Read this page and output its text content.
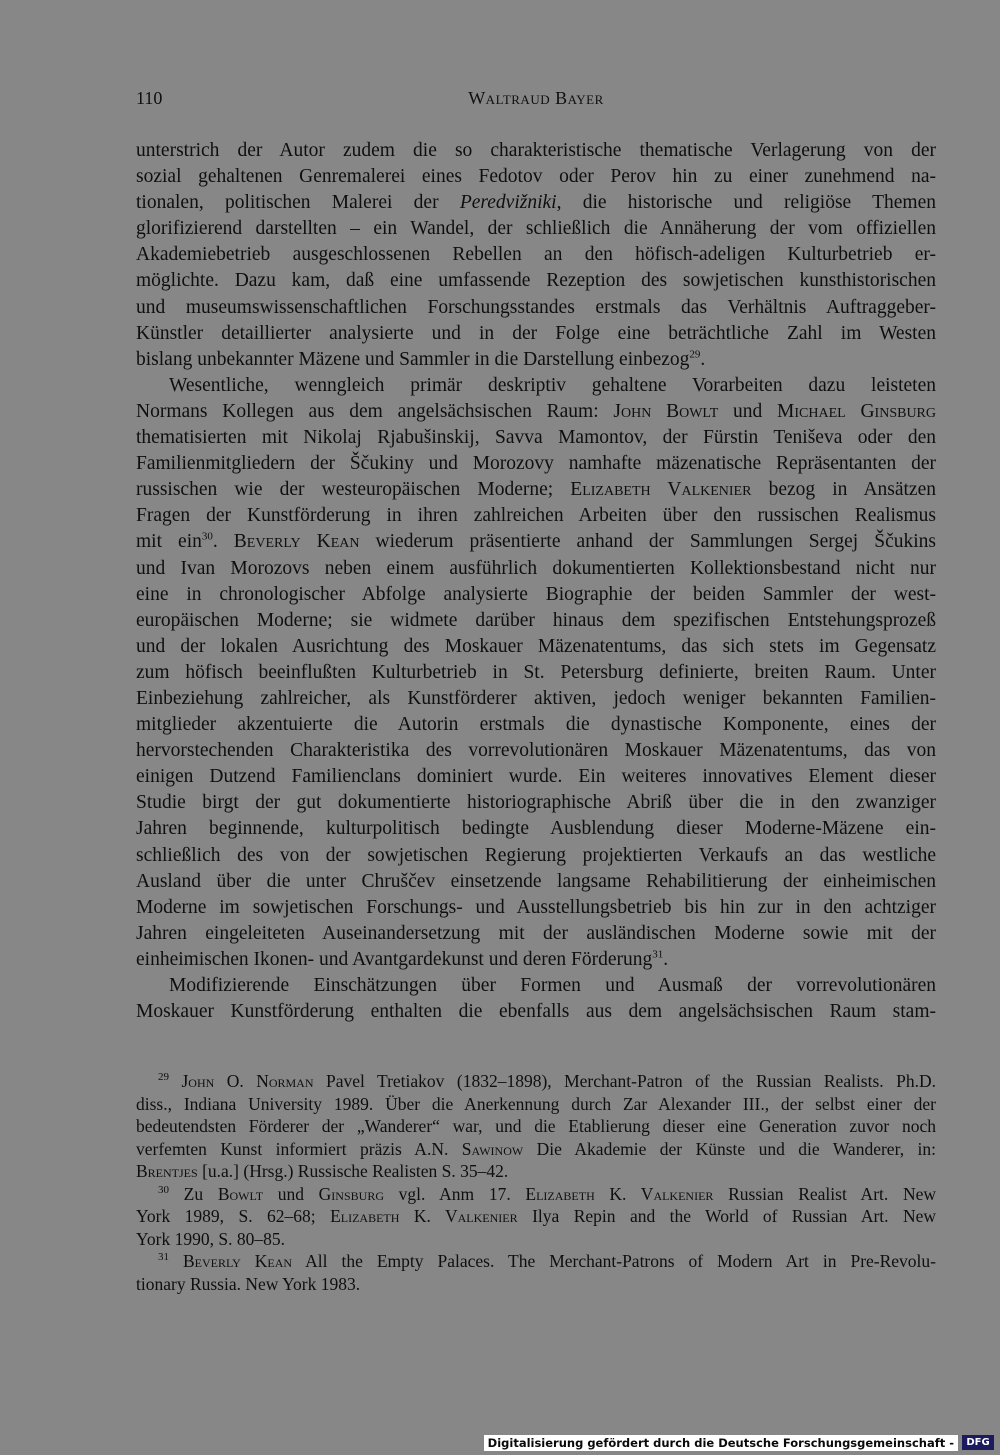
110	Waltraud Bayer
unterstrich der Autor zudem die so charakteristische thematische Verlagerung von der
sozial gehaltenen Genremalerei eines Fedotov oder Perov hin zu einer zunehmend na-
tionalen, politischen Malerei der Peredvižniki, die historische und religiöse Themen
glorifizierend darstellten – ein Wandel, der schließlich die Annäherung der vom offiziellen
Akademiebetrieb ausgeschlossenen Rebellen an den höfisch-adeligen Kulturbetrieb er-
möglichte. Dazu kam, daß eine umfassende Rezeption des sowjetischen kunsthistorischen
und museumswissenschaftlichen Forschungsstandes erstmals das Verhältnis Auftraggeber-
Künstler detaillierter analysierte und in der Folge eine beträchtliche Zahl im Westen
bislang unbekannter Mäzene und Sammler in die Darstellung einbezog$^{29}$.
Wesentliche, wenngleich primär deskriptiv gehaltene Vorarbeiten dazu leisteten
Normans Kollegen aus dem angelsächsischen Raum: John Bowlt und Michael Ginsburg
thematisierten mit Nikolaj Rjabušinskij, Savva Mamontov, der Fürstin Teniševa oder den
Familienmitgliedern der Ščukiny und Morozovy namhafte mäzenatische Repräsentanten der
russischen wie der westeuropäischen Moderne; Elizabeth Valkenier bezog in Ansätzen
Fragen der Kunstförderung in ihren zahlreichen Arbeiten über den russischen Realismus
mit ein$^{30}$. Beverly Kean wiederum präsentierte anhand der Sammlungen Sergej Ščukins
und Ivan Morozovs neben einem ausführlich dokumentierten Kollektionsbestand nicht nur
eine in chronologischer Abfolge analysierte Biographie der beiden Sammler der west-
europäischen Moderne; sie widmete darüber hinaus dem spezifischen Entstehungsprozeß
und der lokalen Ausrichtung des Moskauer Mäzenatentums, das sich stets im Gegensatz
zum höfisch beeinflußten Kulturbetrieb in St. Petersburg definierte, breiten Raum. Unter
Einbeziehung zahlreicher, als Kunstförderer aktiven, jedoch weniger bekannten Familien-
mitglieder akzentuierte die Autorin erstmals die dynastische Komponente, eines der
hervorstechenden Charakteristika des vorrevolutionären Moskauer Mäzenatentums, das von
einigen Dutzend Familienclans dominiert wurde. Ein weiteres innovatives Element dieser
Studie birgt der gut dokumentierte historiographische Abriß über die in den zwanziger
Jahren beginnende, kulturpolitisch bedingte Ausblendung dieser Moderne-Mäzene ein-
schließlich des von der sowjetischen Regierung projektierten Verkaufs an das westliche
Ausland über die unter Chruščev einsetzende langsame Rehabilitierung der einheimischen
Moderne im sowjetischen Forschungs- und Ausstellungsbetrieb bis hin zur in den achtziger
Jahren eingeleiteten Auseinandersetzung mit der ausländischen Moderne sowie mit der
einheimischen Ikonen- und Avantgardekunst und deren Förderung$^{31}$.
Modifizierende Einschätzungen über Formen und Ausmaß der vorrevolutionären
Moskauer Kunstförderung enthalten die ebenfalls aus dem angelsächsischen Raum stam-
$^{29}$ John O. Norman Pavel Tretiakov (1832–1898), Merchant-Patron of the Russian Realists. Ph.D.
diss., Indiana University 1989. Über die Anerkennung durch Zar Alexander III., der selbst einer der
bedeutendsten Förderer der „Wanderer“ war, und die Etablierung dieser eine Generation zuvor noch
verfemten Kunst informiert präzis A.N. Sawinow Die Akademie der Künste und die Wanderer, in:
Brentjes [u.a.] (Hrsg.) Russische Realisten S. 35–42.
$^{30}$ Zu Bowlt und Ginsburg vgl. Anm 17. Elizabeth K. Valkenier Russian Realist Art. New
York 1989, S. 62–68; Elizabeth K. Valkenier Ilya Repin and the World of Russian Art. New
York 1990, S. 80–85.
$^{31}$ Beverly Kean All the Empty Palaces. The Merchant-Patrons of Modern Art in Pre-Revolu-
tionary Russia. New York 1983.
Digitalisierung gefördert durch die Deutsche Forschungsgemeinschaft -	DFG
